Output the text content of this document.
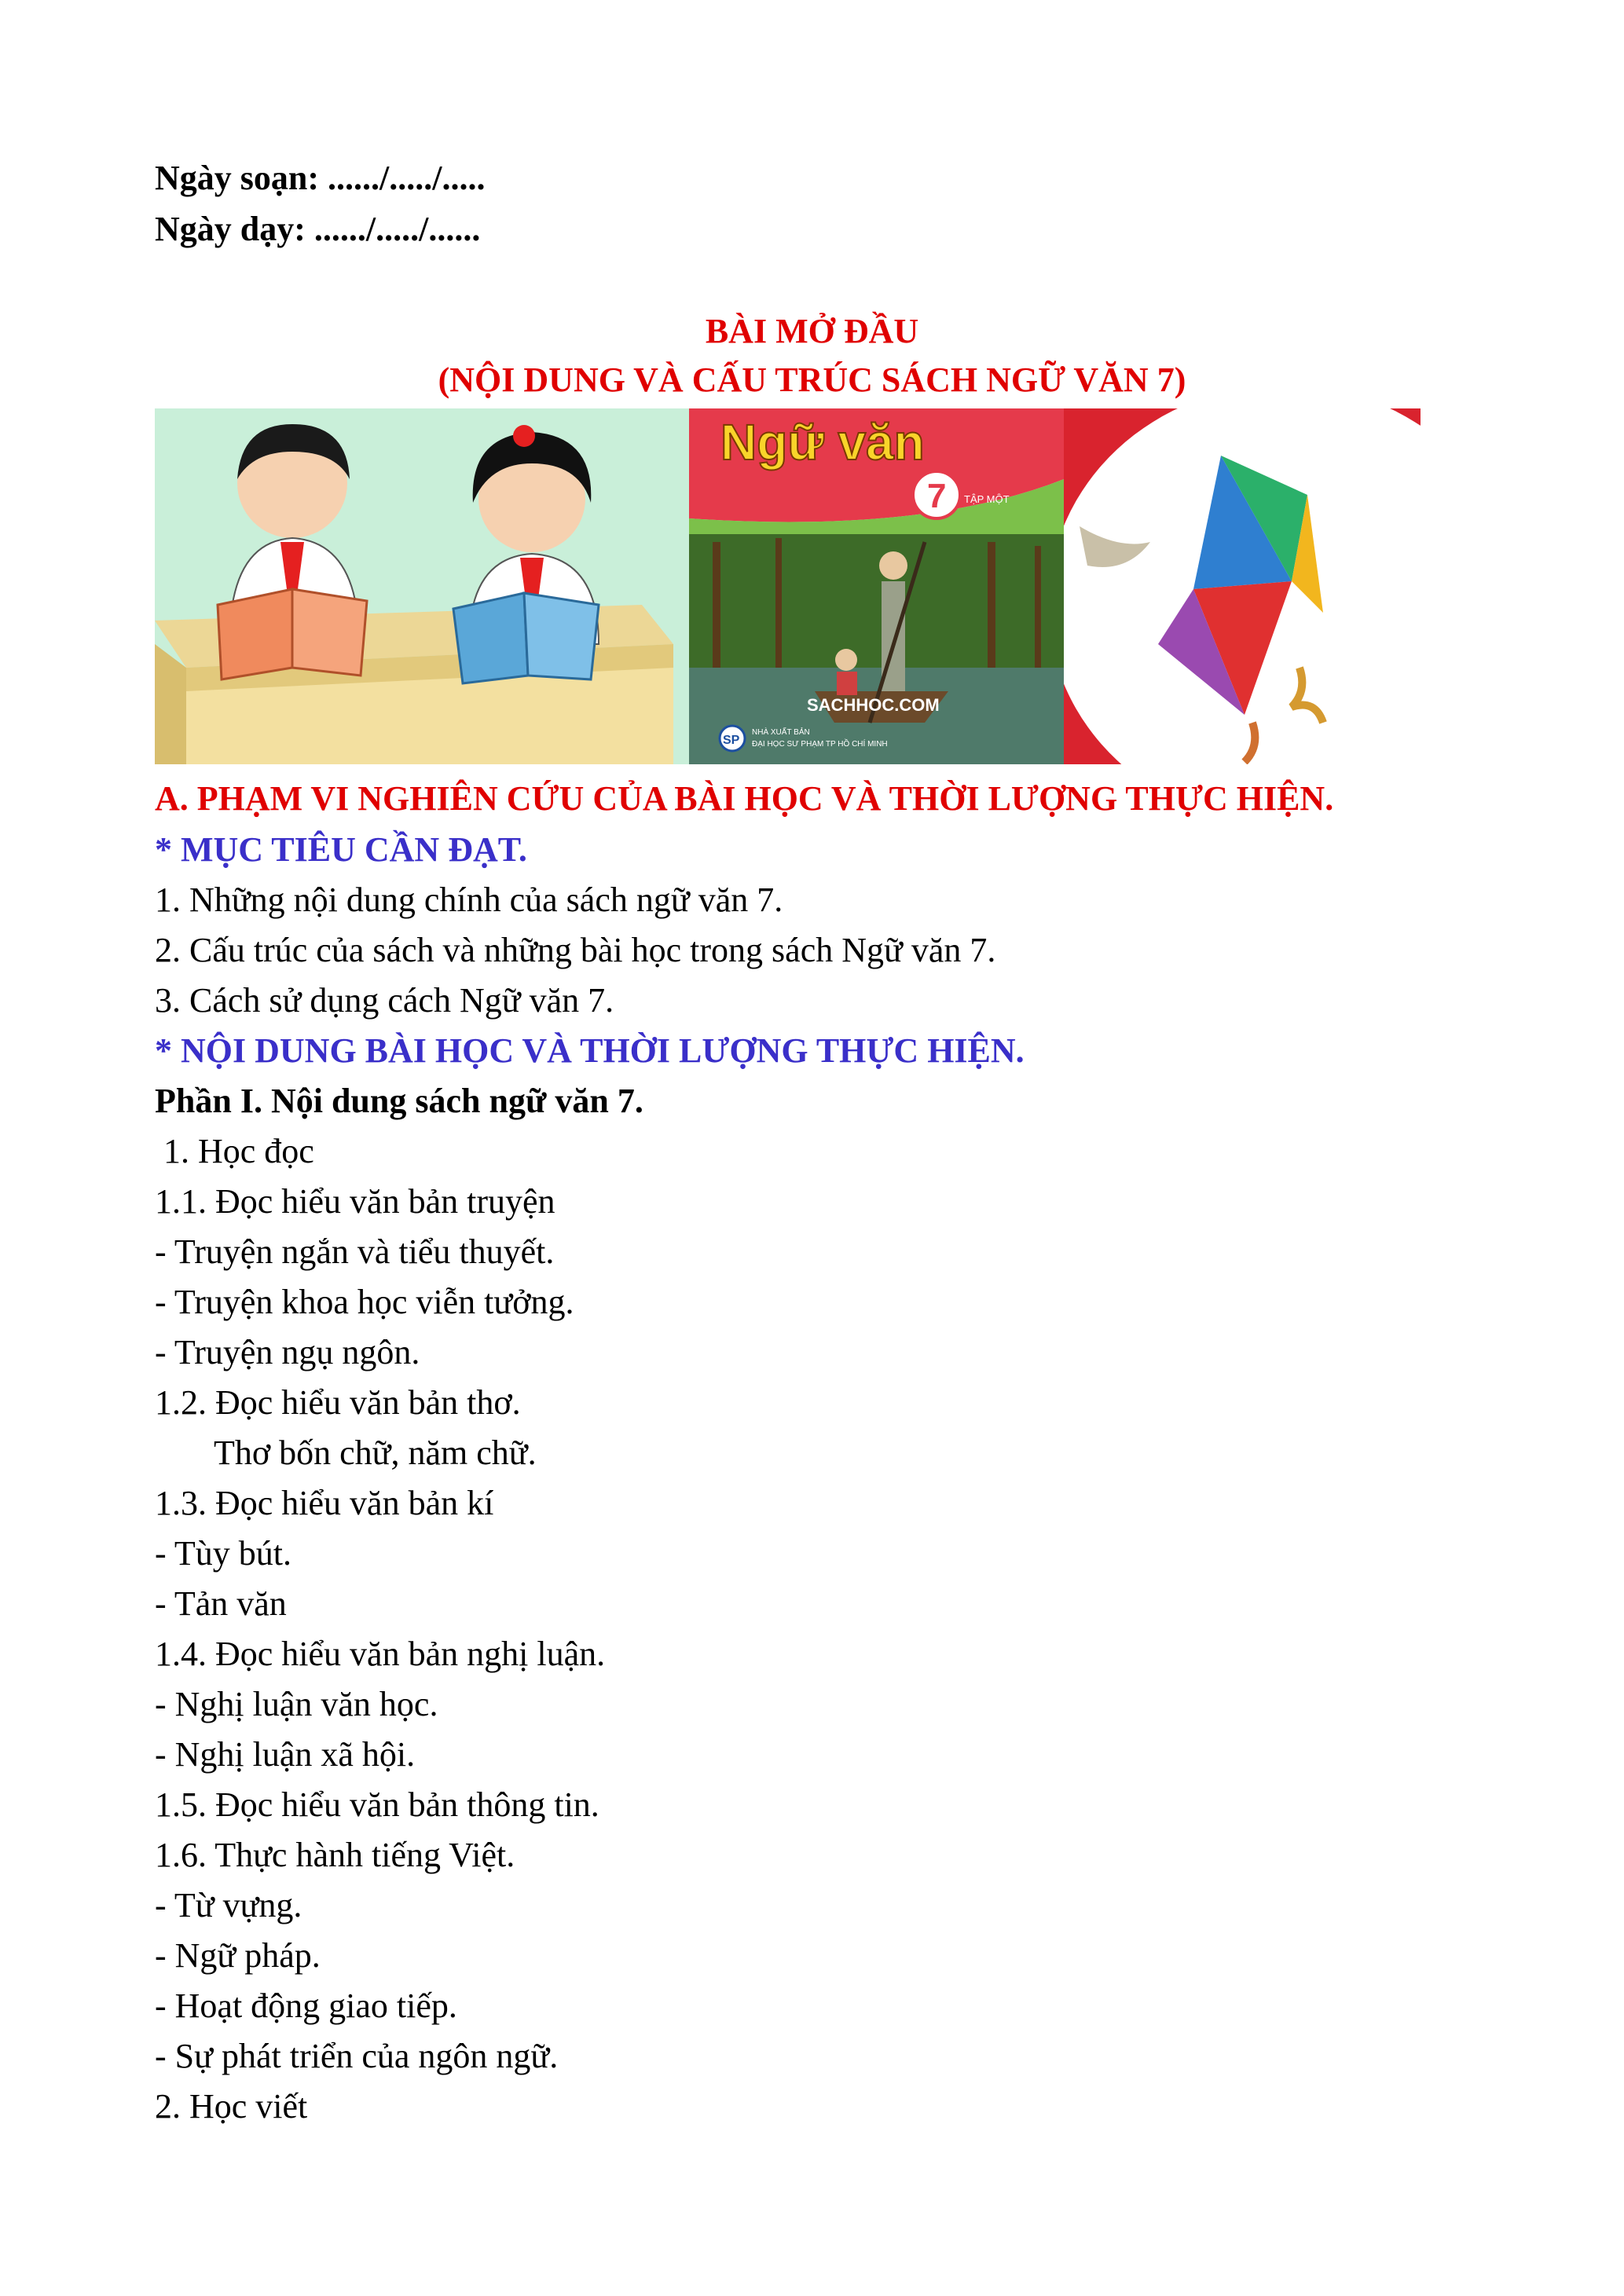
Ngày soạn: ....../...../.....
Ngày dạy: ....../...../......
BÀI MỞ ĐẦU
(NỘI DUNG VÀ CẤU TRÚC SÁCH NGỮ VĂN 7)
Ngữ văn
7 TẬP MỘT
SACHHOC.COM
SP
NHÀ XUẤT BẢN
ĐẠI HỌC SƯ PHẠM TP HỒ CHÍ MINH
A. PHẠM VI NGHIÊN CỨU CỦA BÀI HỌC VÀ THỜI LƯỢNG THỰC HIỆN.
* MỤC TIÊU CẦN ĐẠT.
1. Những nội dung chính của sách ngữ văn 7.
2. Cấu trúc của sách và những bài học trong sách Ngữ văn 7.
3. Cách sử dụng cách Ngữ văn 7.
* NỘI DUNG BÀI HỌC VÀ THỜI LƯỢNG THỰC HIỆN.
Phần I. Nội dung sách ngữ văn 7.
1. Học đọc
1.1. Đọc hiểu văn bản truyện
- Truyện ngắn và tiểu thuyết.
- Truyện khoa học viễn tưởng.
- Truyện ngụ ngôn.
1.2. Đọc hiểu văn bản thơ.
Thơ bốn chữ, năm chữ.
1.3. Đọc hiểu văn bản kí
- Tùy bút.
- Tản văn
1.4. Đọc hiểu văn bản nghị luận.
- Nghị luận văn học.
- Nghị luận xã hội.
1.5. Đọc hiểu văn bản thông tin.
1.6. Thực hành tiếng Việt.
- Từ vựng.
- Ngữ pháp.
- Hoạt động giao tiếp.
- Sự phát triển của ngôn ngữ.
2. Học viết
